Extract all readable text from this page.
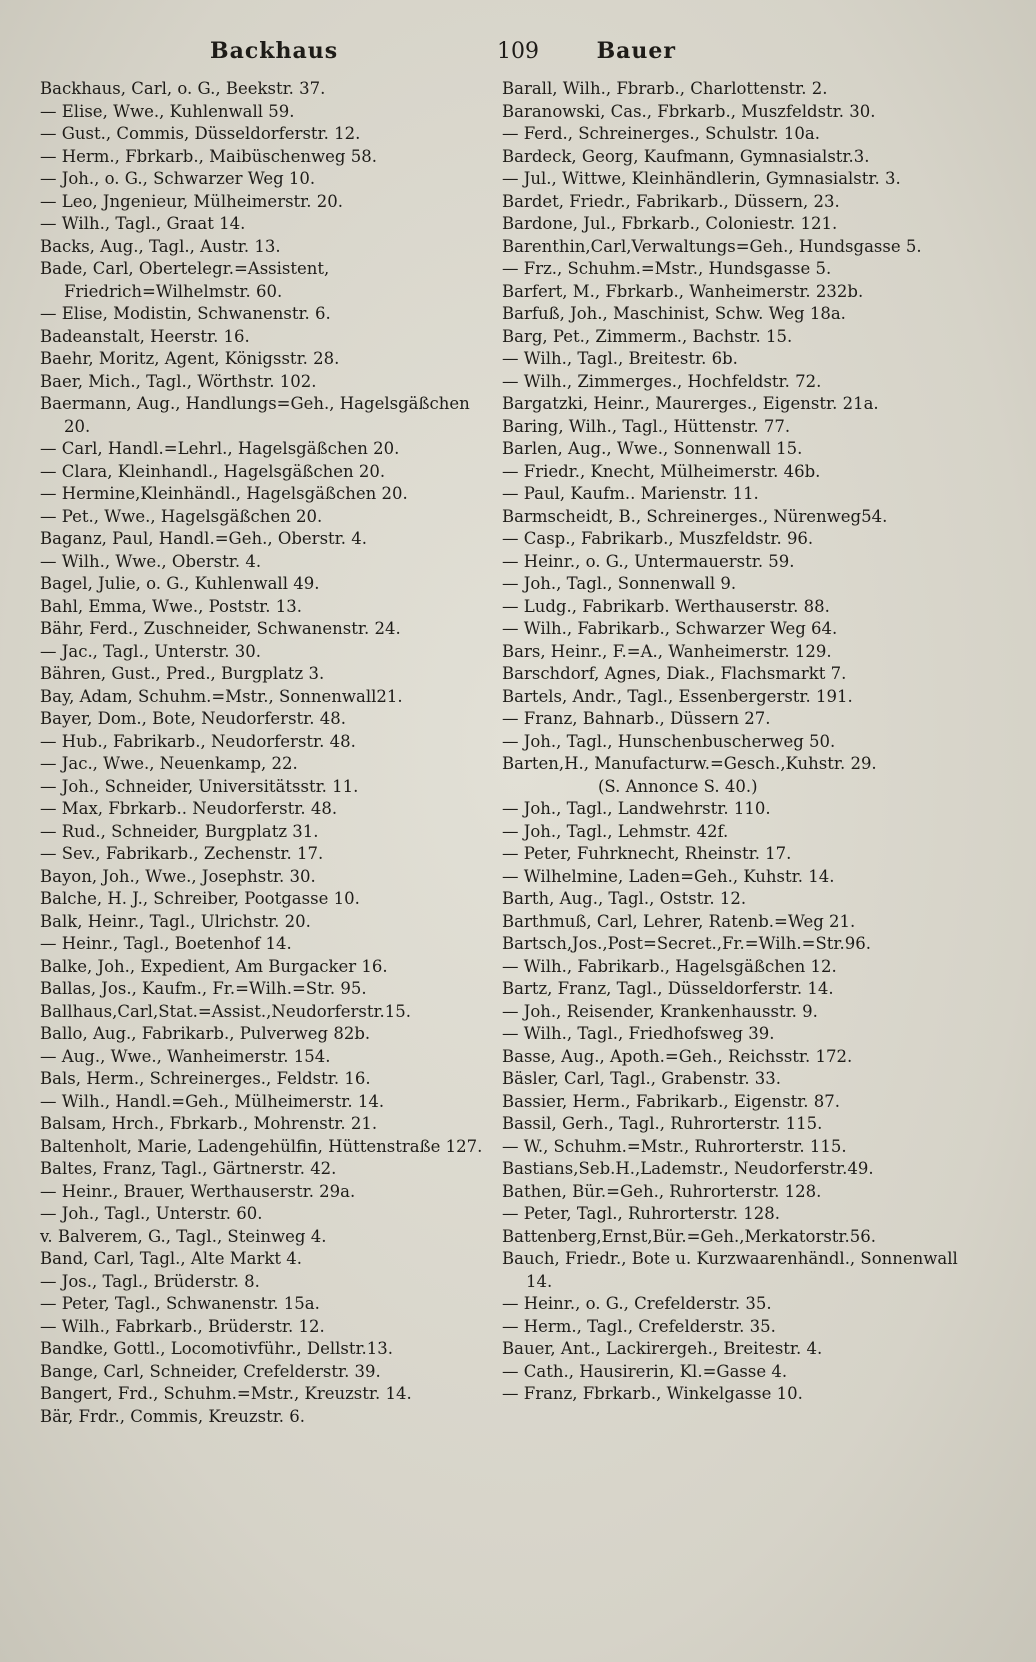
Backhaus	109	Bauer
Backhaus, Carl, o. G., Beekstr. 37.
— Elise, Wwe., Kuhlenwall 59.
— Gust., Commis, Düsseldorferstr. 12.
— Herm., Fbrkarb., Maibüschenweg 58.
— Joh., o. G., Schwarzer Weg 10.
— Leo, Jngenieur, Mülheimerstr. 20.
— Wilh., Tagl., Graat 14.
Backs, Aug., Tagl., Austr. 13.
Bade, Carl, Obertelegr.=Assistent, Friedrich=Wilhelmstr. 60.
— Elise, Modistin, Schwanenstr. 6.
Badeanstalt, Heerstr. 16.
Baehr, Moritz, Agent, Königsstr. 28.
Baer, Mich., Tagl., Wörthstr. 102.
Baermann, Aug., Handlungs=Geh., Hagelsgäßchen 20.
— Carl, Handl.=Lehrl., Hagelsgäßchen 20.
— Clara, Kleinhandl., Hagelsgäßchen 20.
— Hermine,Kleinhändl., Hagelsgäßchen 20.
— Pet., Wwe., Hagelsgäßchen 20.
Baganz, Paul, Handl.=Geh., Oberstr. 4.
— Wilh., Wwe., Oberstr. 4.
Bagel, Julie, o. G., Kuhlenwall 49.
Bahl, Emma, Wwe., Poststr. 13.
Bähr, Ferd., Zuschneider, Schwanenstr. 24.
— Jac., Tagl., Unterstr. 30.
Bähren, Gust., Pred., Burgplatz 3.
Bay, Adam, Schuhm.=Mstr., Sonnenwall21.
Bayer, Dom., Bote, Neudorferstr. 48.
— Hub., Fabrikarb., Neudorferstr. 48.
— Jac., Wwe., Neuenkamp, 22.
— Joh., Schneider, Universitätsstr. 11.
— Max, Fbrkarb.. Neudorferstr. 48.
— Rud., Schneider, Burgplatz 31.
— Sev., Fabrikarb., Zechenstr. 17.
Bayon, Joh., Wwe., Josephstr. 30.
Balche, H. J., Schreiber, Pootgasse 10.
Balk, Heinr., Tagl., Ulrichstr. 20.
— Heinr., Tagl., Boetenhof 14.
Balke, Joh., Expedient, Am Burgacker 16.
Ballas, Jos., Kaufm., Fr.=Wilh.=Str. 95.
Ballhaus,Carl,Stat.=Assist.,Neudorferstr.15.
Ballo, Aug., Fabrikarb., Pulverweg 82b.
— Aug., Wwe., Wanheimerstr. 154.
Bals, Herm., Schreinerges., Feldstr. 16.
— Wilh., Handl.=Geh., Mülheimerstr. 14.
Balsam, Hrch., Fbrkarb., Mohrenstr. 21.
Baltenholt, Marie, Ladengehülfin, Hüttenstraße 127.
Baltes, Franz, Tagl., Gärtnerstr. 42.
— Heinr., Brauer, Werthauserstr. 29a.
— Joh., Tagl., Unterstr. 60.
v. Balverem, G., Tagl., Steinweg 4.
Band, Carl, Tagl., Alte Markt 4.
— Jos., Tagl., Brüderstr. 8.
— Peter, Tagl., Schwanenstr. 15a.
— Wilh., Fabrkarb., Brüderstr. 12.
Bandke, Gottl., Locomotivführ., Dellstr.13.
Bange, Carl, Schneider, Crefelderstr. 39.
Bangert, Frd., Schuhm.=Mstr., Kreuzstr. 14.
Bär, Frdr., Commis, Kreuzstr. 6.
Barall, Wilh., Fbrarb., Charlottenstr. 2.
Baranowski, Cas., Fbrkarb., Muszfeldstr. 30.
— Ferd., Schreinerges., Schulstr. 10a.
Bardeck, Georg, Kaufmann, Gymnasialstr.3.
— Jul., Wittwe, Kleinhändlerin, Gymnasialstr. 3.
Bardet, Friedr., Fabrikarb., Düssern, 23.
Bardone, Jul., Fbrkarb., Coloniestr. 121.
Barenthin,Carl,Verwaltungs=Geh., Hundsgasse 5.
— Frz., Schuhm.=Mstr., Hundsgasse 5.
Barfert, M., Fbrkarb., Wanheimerstr. 232b.
Barfuß, Joh., Maschinist, Schw. Weg 18a.
Barg, Pet., Zimmerm., Bachstr. 15.
— Wilh., Tagl., Breitestr. 6b.
— Wilh., Zimmerges., Hochfeldstr. 72.
Bargatzki, Heinr., Maurerges., Eigenstr. 21a.
Baring, Wilh., Tagl., Hüttenstr. 77.
Barlen, Aug., Wwe., Sonnenwall 15.
— Friedr., Knecht, Mülheimerstr. 46b.
— Paul, Kaufm.. Marienstr. 11.
Barmscheidt, B., Schreinerges., Nürenweg54.
— Casp., Fabrikarb., Muszfeldstr. 96.
— Heinr., o. G., Untermauerstr. 59.
— Joh., Tagl., Sonnenwall 9.
— Ludg., Fabrikarb. Werthauserstr. 88.
— Wilh., Fabrikarb., Schwarzer Weg 64.
Bars, Heinr., F.=A., Wanheimerstr. 129.
Barschdorf, Agnes, Diak., Flachsmarkt 7.
Bartels, Andr., Tagl., Essenbergerstr. 191.
— Franz, Bahnarb., Düssern 27.
— Joh., Tagl., Hunschenbuscherweg 50.
Barten,H., Manufacturw.=Gesch.,Kuhstr. 29.
(S. Annonce S. 40.)
— Joh., Tagl., Landwehrstr. 110.
— Joh., Tagl., Lehmstr. 42f.
— Peter, Fuhrknecht, Rheinstr. 17.
— Wilhelmine, Laden=Geh., Kuhstr. 14.
Barth, Aug., Tagl., Oststr. 12.
Barthmuß, Carl, Lehrer, Ratenb.=Weg 21.
Bartsch,Jos.,Post=Secret.,Fr.=Wilh.=Str.96.
— Wilh., Fabrikarb., Hagelsgäßchen 12.
Bartz, Franz, Tagl., Düsseldorferstr. 14.
— Joh., Reisender, Krankenhausstr. 9.
— Wilh., Tagl., Friedhofsweg 39.
Basse, Aug., Apoth.=Geh., Reichsstr. 172.
Bäsler, Carl, Tagl., Grabenstr. 33.
Bassier, Herm., Fabrikarb., Eigenstr. 87.
Bassil, Gerh., Tagl., Ruhrorterstr. 115.
— W., Schuhm.=Mstr., Ruhrorterstr. 115.
Bastians,Seb.H.,Lademstr., Neudorferstr.49.
Bathen, Bür.=Geh., Ruhrorterstr. 128.
— Peter, Tagl., Ruhrorterstr. 128.
Battenberg,Ernst,Bür.=Geh.,Merkatorstr.56.
Bauch, Friedr., Bote u. Kurzwaarenhändl., Sonnenwall 14.
— Heinr., o. G., Crefelderstr. 35.
— Herm., Tagl., Crefelderstr. 35.
Bauer, Ant., Lackirergeh., Breitestr. 4.
— Cath., Hausirerin, Kl.=Gasse 4.
— Franz, Fbrkarb., Winkelgasse 10.
